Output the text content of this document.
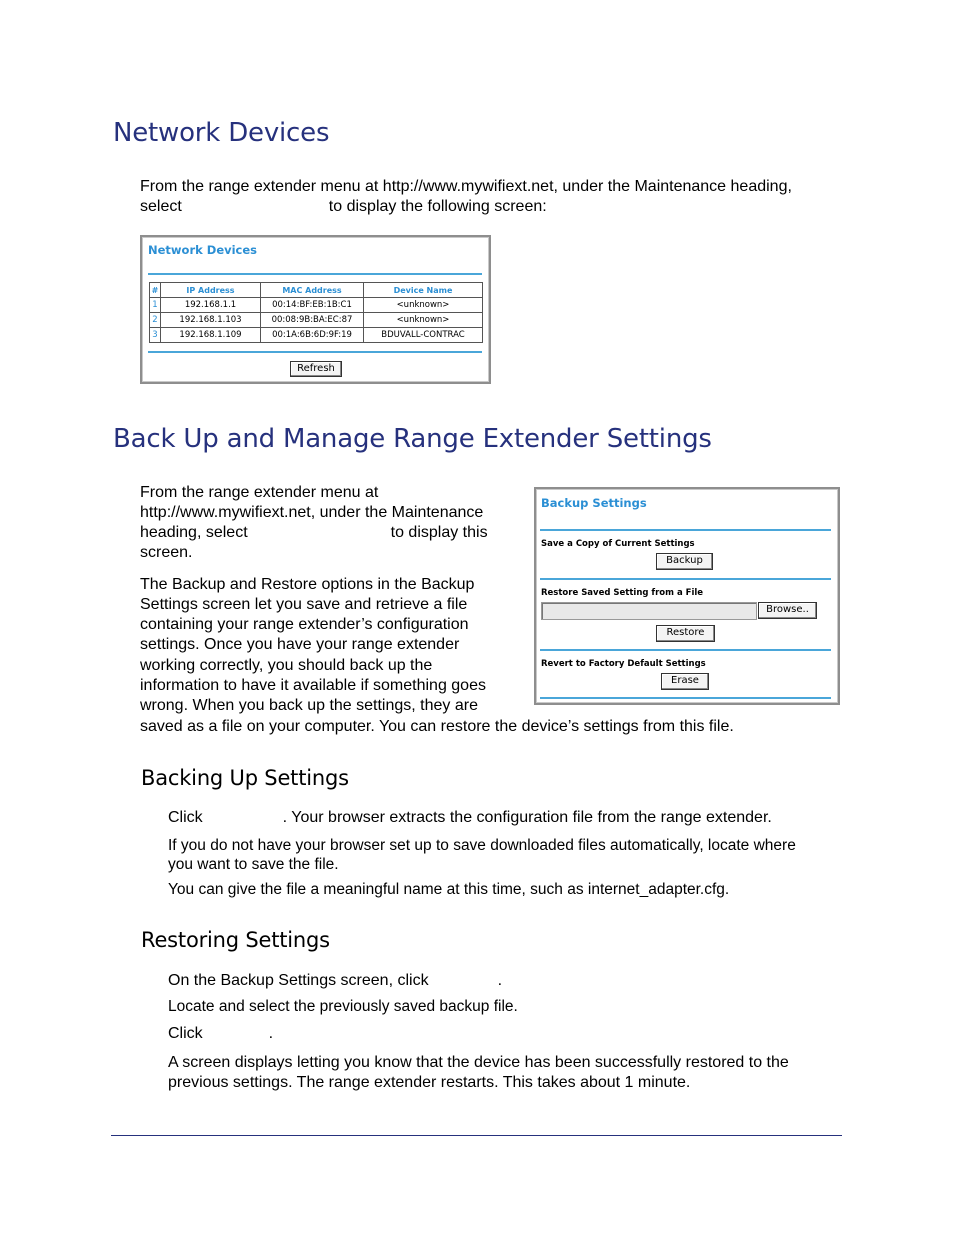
Network Devices
From the range extender menu at http://www.mywifiext.net, under the Maintenance heading,
select	to display the following screen:
Network Devices
#	IP Address	MAC Address	Device Name
1	192.168.1.1	00:14:BF:EB:1B:C1	<unknown>
2	192.168.1.103	00:08:9B:BA:EC:87	<unknown>
3	192.168.1.109	00:1A:6B:6D:9F:19	BDUVALL-CONTRAC
Refresh
Back Up and Manage Range Extender Settings
From the range extender menu at
http://www.mywifiext.net, under the Maintenance
heading, select	to display this
screen.
The Backup and Restore options in the Backup
Settings screen let you save and retrieve a file
containing your range extender’s configuration
settings. Once you have your range extender
working correctly, you should back up the
information to have it available if something goes
wrong. When you back up the settings, they are
saved as a file on your computer. You can restore the device’s settings from this file.
Backup Settings
Save a Copy of Current Settings
Backup
Restore Saved Setting from a File
Browse..
Restore
Revert to Factory Default Settings
Erase
Backing Up Settings
Click	. Your browser extracts the configuration file from the range extender.
If you do not have your browser set up to save downloaded files automatically, locate where
you want to save the file.
You can give the file a meaningful name at this time, such as internet_adapter.cfg.
Restoring Settings
On the Backup Settings screen, click	.
Locate and select the previously saved backup file.
Click	.
A screen displays letting you know that the device has been successfully restored to the
previous settings. The range extender restarts. This takes about 1 minute.
